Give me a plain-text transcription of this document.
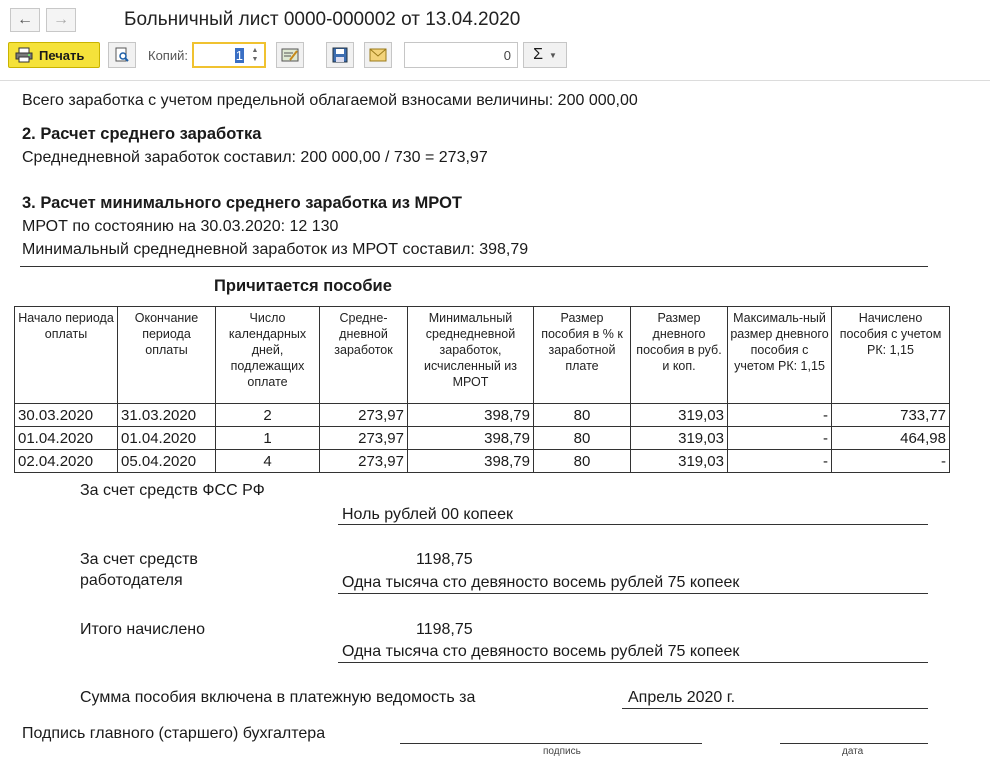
← →	Больничный лист 0000-000002 от 13.04.2020
Печать	Копий:	1	▲
▼	0 Σ ▼
Всего заработка с учетом предельной облагаемой взносами величины: 200 000,00
2. Расчет среднего заработка
Среднедневной заработок составил: 200 000,00 / 730 = 273,97
3. Расчет минимального среднего заработка из МРОТ
МРОТ по состоянию на 30.03.2020: 12 130
Минимальный среднедневной заработок из МРОТ составил: 398,79
Причитается пособие
Начало периода оплаты	Окончание периода оплаты	Число календарных дней, подлежащих оплате	Средне-дневной заработок	Минимальный среднедневной заработок, исчисленный из МРОТ	Размер пособия в % к заработной плате	Размер дневного пособия в руб. и коп.	Максималь-ный размер дневного пособия с учетом РК: 1,15	Начислено пособия с учетом РК: 1,15
30.03.2020	31.03.2020	2	273,97	398,79	80	319,03	-	733,77
01.04.2020	01.04.2020	1	273,97	398,79	80	319,03	-	464,98
02.04.2020	05.04.2020	4	273,97	398,79	80	319,03	-	-
За счет средств ФСС РФ
Ноль рублей 00 копеек
За счет средств
работодателя
1198,75
Одна тысяча сто девяносто восемь рублей 75 копеек
Итого начислено	1198,75
Одна тысяча сто девяносто восемь рублей 75 копеек
Сумма пособия включена в платежную ведомость за	Апрель 2020 г.
Подпись главного (старшего) бухгалтера
подпись	дата
